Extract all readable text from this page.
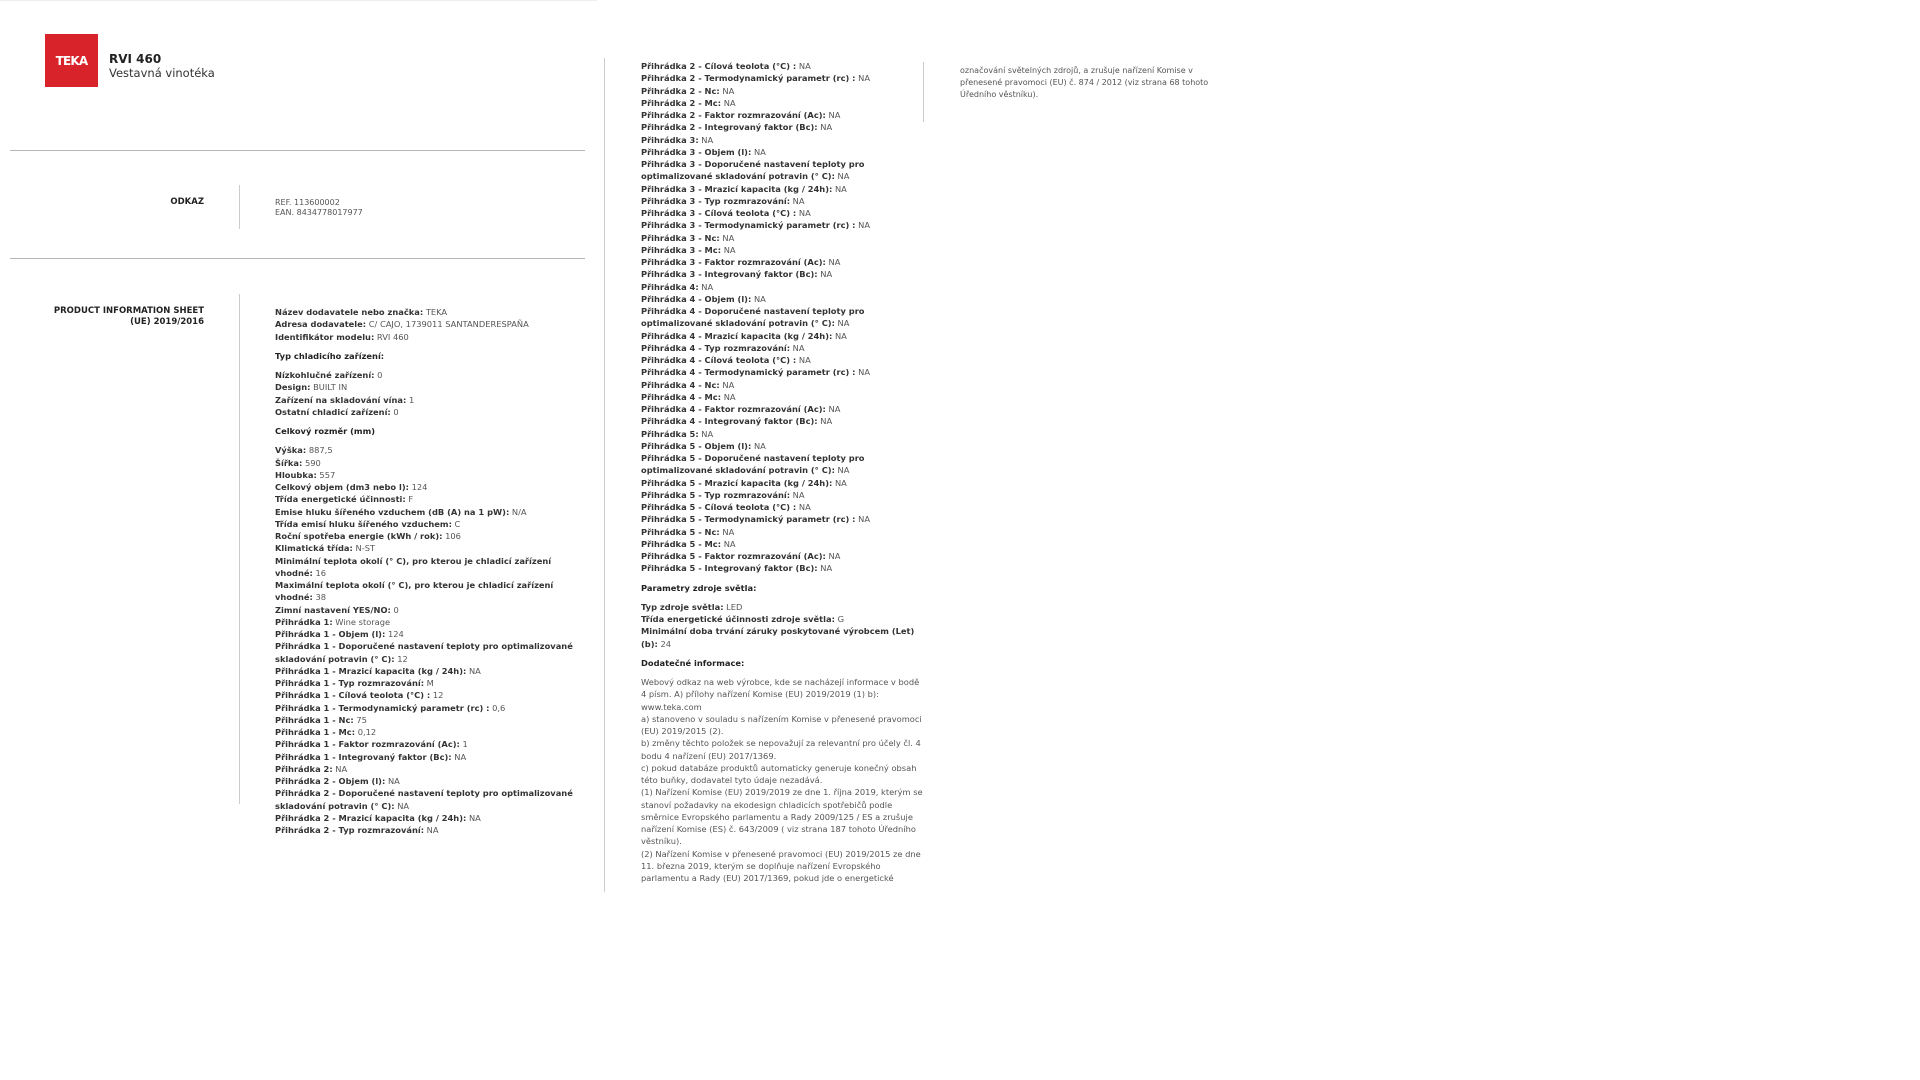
TEKA RVI 460
Vestavná vinotéka
ODKAZ	REF. 113600002
EAN. 8434778017977
PRODUCT INFORMATION SHEET
(UE) 2019/2016
Název dodavatele nebo značka: TEKA
Adresa dodavatele: C/ CAJO, 1739011 SANTANDERESPAÑA
Identifikátor modelu: RVI 460
Typ chladicího zařízení:
Nízkohlučné zařízení: 0
Design: BUILT IN
Zařízení na skladování vína: 1
Ostatní chladicí zařízení: 0
Celkový rozměr (mm)
Výška: 887,5
Šířka: 590
Hloubka: 557
Celkový objem (dm3 nebo l): 124
Třída energetické účinnosti: F
Emise hluku šířeného vzduchem (dB (A) na 1 pW): N/A
Třída emisí hluku šířeného vzduchem: C
Roční spotřeba energie (kWh / rok): 106
Klimatická třída: N-ST
Minimální teplota okolí (° C), pro kterou je chladicí zařízení vhodné: 16
Maximální teplota okolí (° C), pro kterou je chladicí zařízení vhodné: 38
Zimní nastavení YES/NO: 0
Přihrádka 1: Wine storage
Přihrádka 1 - Objem (l): 124
Přihrádka 1 - Doporučené nastavení teploty pro optimalizované skladování potravin (° C): 12
Přihrádka 1 - Mrazicí kapacita (kg / 24h): NA
Přihrádka 1 - Typ rozmrazování: M
Přihrádka 1 - Cílová teolota (°C) : 12
Přihrádka 1 - Termodynamický parametr (rc) : 0,6
Přihrádka 1 - Nc: 75
Přihrádka 1 - Mc: 0,12
Přihrádka 1 - Faktor rozmrazování (Ac): 1
Přihrádka 1 - Integrovaný faktor (Bc): NA
Přihrádka 2: NA
Přihrádka 2 - Objem (l): NA
Přihrádka 2 - Doporučené nastavení teploty pro optimalizované skladování potravin (° C): NA
Přihrádka 2 - Mrazicí kapacita (kg / 24h): NA
Přihrádka 2 - Typ rozmrazování: NA
Přihrádka 2 - Cílová teolota (°C) : NA
Přihrádka 2 - Termodynamický parametr (rc) : NA
Přihrádka 2 - Nc: NA
Přihrádka 2 - Mc: NA
Přihrádka 2 - Faktor rozmrazování (Ac): NA
Přihrádka 2 - Integrovaný faktor (Bc): NA
Přihrádka 3: NA
Přihrádka 3 - Objem (l): NA
Přihrádka 3 - Doporučené nastavení teploty pro optimalizované skladování potravin (° C): NA
Přihrádka 3 - Mrazicí kapacita (kg / 24h): NA
Přihrádka 3 - Typ rozmrazování: NA
Přihrádka 3 - Cílová teolota (°C) : NA
Přihrádka 3 - Termodynamický parametr (rc) : NA
Přihrádka 3 - Nc: NA
Přihrádka 3 - Mc: NA
Přihrádka 3 - Faktor rozmrazování (Ac): NA
Přihrádka 3 - Integrovaný faktor (Bc): NA
Přihrádka 4: NA
Přihrádka 4 - Objem (l): NA
Přihrádka 4 - Doporučené nastavení teploty pro optimalizované skladování potravin (° C): NA
Přihrádka 4 - Mrazicí kapacita (kg / 24h): NA
Přihrádka 4 - Typ rozmrazování: NA
Přihrádka 4 - Cílová teolota (°C) : NA
Přihrádka 4 - Termodynamický parametr (rc) : NA
Přihrádka 4 - Nc: NA
Přihrádka 4 - Mc: NA
Přihrádka 4 - Faktor rozmrazování (Ac): NA
Přihrádka 4 - Integrovaný faktor (Bc): NA
Přihrádka 5: NA
Přihrádka 5 - Objem (l): NA
Přihrádka 5 - Doporučené nastavení teploty pro optimalizované skladování potravin (° C): NA
Přihrádka 5 - Mrazicí kapacita (kg / 24h): NA
Přihrádka 5 - Typ rozmrazování: NA
Přihrádka 5 - Cílová teolota (°C) : NA
Přihrádka 5 - Termodynamický parametr (rc) : NA
Přihrádka 5 - Nc: NA
Přihrádka 5 - Mc: NA
Přihrádka 5 - Faktor rozmrazování (Ac): NA
Přihrádka 5 - Integrovaný faktor (Bc): NA
Parametry zdroje světla:
Typ zdroje světla: LED
Třída energetické účinnosti zdroje světla: G
Minimální doba trvání záruky poskytované výrobcem (Let) (b): 24
Dodatečné informace:
Webový odkaz na web výrobce, kde se nacházejí informace v bodě 4 písm. A) přílohy nařízení Komise (EU) 2019/2019 (1) b): www.teka.com
a) stanoveno v souladu s nařízením Komise v přenesené pravomoci (EU) 2019/2015 (2).
b) změny těchto položek se nepovažují za relevantní pro účely čl. 4 bodu 4 nařízení (EU) 2017/1369.
c) pokud databáze produktů automaticky generuje konečný obsah této buňky, dodavatel tyto údaje nezadává.
(1) Nařízení Komise (EU) 2019/2019 ze dne 1. října 2019, kterým se stanoví požadavky na ekodesign chladicích spotřebičů podle směrnice Evropského parlamentu a Rady 2009/125 / ES a zrušuje nařízení Komise (ES) č. 643/2009 ( viz strana 187 tohoto Úředního věstníku).
(2) Nařízení Komise v přenesené pravomoci (EU) 2019/2015 ze dne 11. března 2019, kterým se doplňuje nařízení Evropského parlamentu a Rady (EU) 2017/1369, pokud jde o energetické
označování světelných zdrojů, a zrušuje nařízení Komise v přenesené pravomoci (EU) č. 874 / 2012 (viz strana 68 tohoto Úředního věstníku).
